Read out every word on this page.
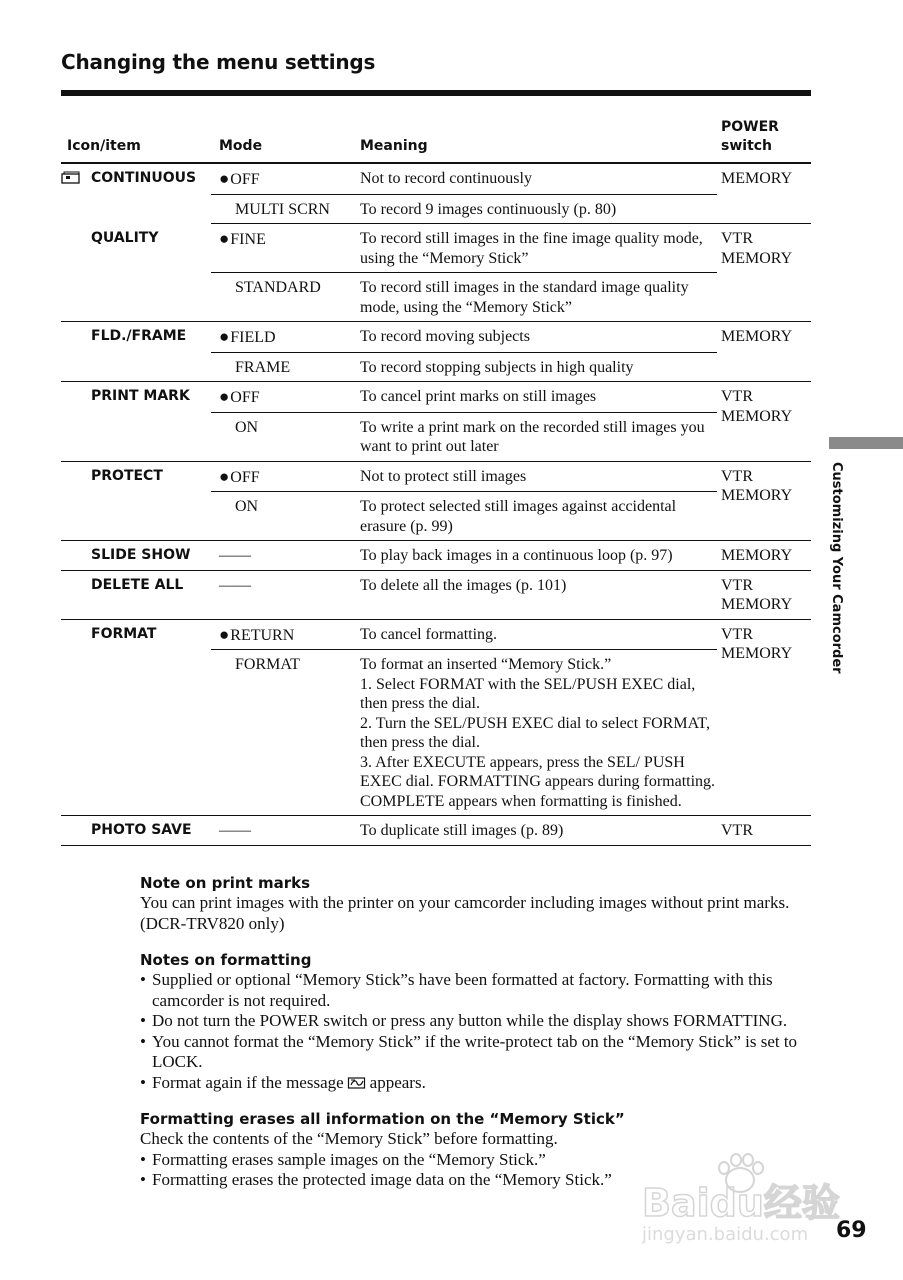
Changing the menu settings
Icon/item	Mode	Meaning	POWER
switch

CONTINUOUS	● OFF	Not to record continuously	MEMORY
	MULTI SCRN	To record 9 images continuously (p. 80)	
QUALITY	● FINE	To record still images in the fine image quality mode, using the “Memory Stick”	VTR
MEMORY
	STANDARD	To record still images in the standard image quality mode, using the “Memory Stick”	
FLD./FRAME	● FIELD	To record moving subjects	MEMORY
	FRAME	To record stopping subjects in high quality	
PRINT MARK	● OFF	To cancel print marks on still images	VTR
MEMORY
	ON	To write a print mark on the recorded still images you want to print out later	
PROTECT	● OFF	Not to protect still images	VTR
MEMORY
	ON	To protect selected still images against accidental erasure (p. 99)	
SLIDE SHOW	——	To play back images in a continuous loop (p. 97)	MEMORY
DELETE ALL	——	To delete all the images (p. 101)	VTR
MEMORY
FORMAT	● RETURN	To cancel formatting.	VTR
MEMORY
	FORMAT	To format an inserted “Memory Stick.”
1. Select FORMAT with the SEL/PUSH EXEC dial, then press the dial.
2. Turn the SEL/PUSH EXEC dial to select FORMAT, then press the dial.
3. After EXECUTE appears, press the SEL/ PUSH EXEC dial. FORMATTING appears during formatting. COMPLETE appears when formatting is finished.	
PHOTO SAVE	——	To duplicate still images (p. 89)	VTR

Note on print marks

You can print images with the printer on your camcorder including images without print marks. (DCR-TRV820 only)

Notes on formatting

• Supplied or optional “Memory Stick”s have been formatted at factory. Formatting with this camcorder is not required.
• Do not turn the POWER switch or press any button while the display shows FORMATTING.
• You cannot format the “Memory Stick” if the write-protect tab on the “Memory Stick” is set to LOCK.
• Format again if the message appears.

Formatting erases all information on the “Memory Stick”

Check the contents of the “Memory Stick” before formatting.

• Formatting erases sample images on the “Memory Stick.”
• Formatting erases the protected image data on the “Memory Stick.”
Customizing Your Camcorder
Baidu经验
jingyan.baidu.com 69
